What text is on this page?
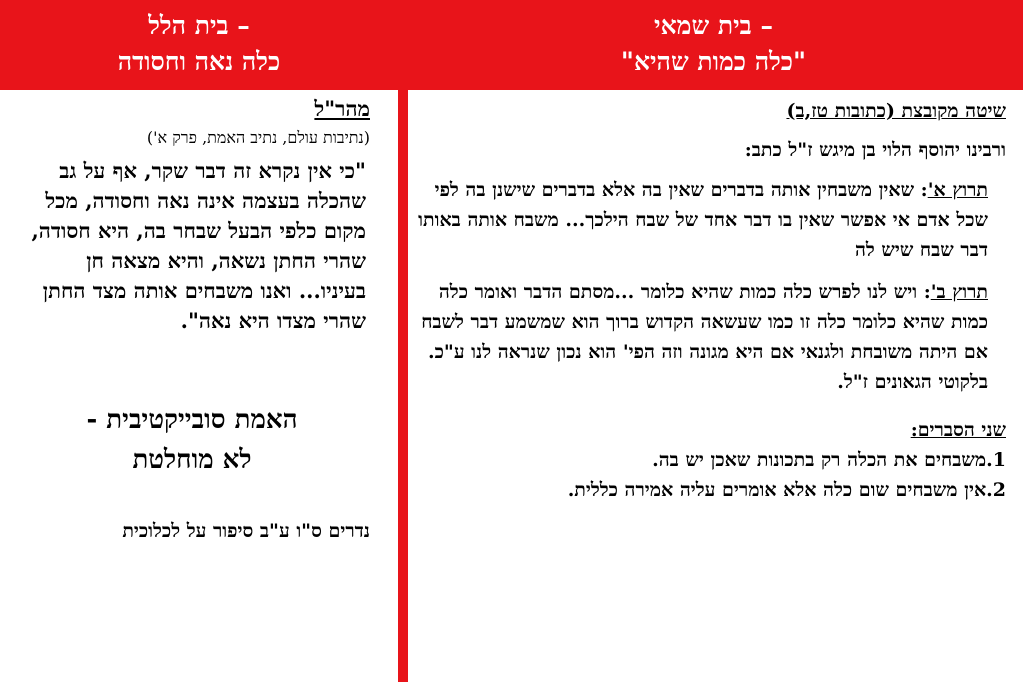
בית שמאי –
"כלה כמות שהיא"
בית הלל –
כלה נאה וחסודה

שיטה מקובצת (כתובות טז,ב)

ורבינו יהוסף הלוי בן מיגש ז"ל כתב:

תרוץ א': שאין משבחין אותה בדברים שאין בה אלא בדברים שישנן בה לפי שכל אדם אי אפשר שאין בו דבר אחד של שבח הילכך... משבח אותה באותו דבר שבח שיש לה

תרוץ ב': ויש לנו לפרש כלה כמות שהיא כלומר ...מסתם הדבר ואומר כלה כמות שהיא כלומר כלה זו כמו שעשאה הקדוש ברוך הוא שמשמע דבר לשבח אם היתה משובחת ולגנאי אם היא מגונה וזה הפי' הוא נכון שנראה לנו ע"כ. בלקוטי הגאונים ז"ל.

שני הסברים:

1.משבחים את הכלה רק בתכונות שאכן יש בה.
2.אין משבחים שום כלה אלא אומרים עליה אמירה כללית.

מהר"ל

(נתיבות עולם, נתיב האמת, פרק א')

"כי אין נקרא זה דבר שקר, אף על גב שהכלה בעצמה אינה נאה וחסודה, מכל מקום כלפי הבעל שבחר בה, היא חסודה, שהרי החתן נשאה, והיא מצאה חן בעיניו... ואנו משבחים אותה מצד החתן שהרי מצדו היא נאה".

האמת סובייקטיבית -

לא מוחלטת

נדרים ס"ו ע"ב סיפור על לכלוכית
